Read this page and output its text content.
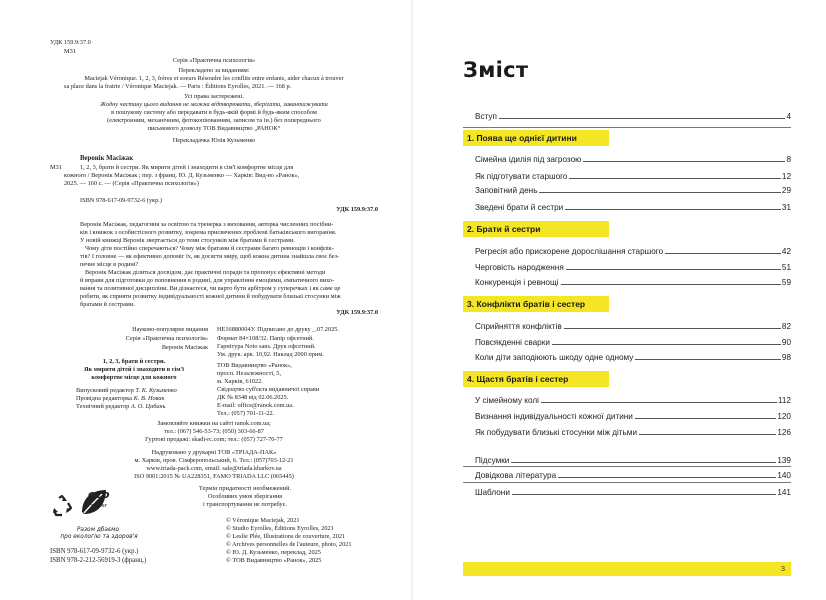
УДК 159.9:37.0
М31
Серія «Практична психологія»
Перекладено за виданням:
Maciejak Véronique. 1, 2, 3, frères et soeurs Résoudre les conflits entre enfants, aider chacun à trouver
sa place dans la fratrie / Véronique Maciejak. — Paris : Éditions Eyrolles, 2021. — 168 p.
Усі права застережені.
Жодну частину цього видання не можна відтворювати, зберігати, завантажувати
в пошукову систему або передавати в будь-якій формі й будь-яким способом
(електронним, механічним, фотокопіюванням, записом та ін.) без попереднього
письмового дозволу ТОВ Видавництво „РАНОК“
Перекладачка Юлія Кузьменко
Веронік Масіжак
М31	1, 2, 3, брати й сестри. Як мирити дітей і знаходити в сім'ї комфортне місце для
кожного / Веронік Масіжак ; пер. з франц. Ю. Д. Кузьменко — Харків: Вид-во «Ранок»,
2025. — 160 с. — (Серія «Практична психологія»)
ISBN 978-617-09-9732-6 (укр.)
УДК 159.9:37.0
Веронік Масіжак, педагогиня за освітою та тренерка з виховання, авторка численних посібни-
ків і книжок з особистісного розвитку, зокрема присвячених проблемі батьківського вигорання.
У новій книжці Веронік звертається до теми стосунків між братами й сестрами.
Чому діти постійно сперечаються? Чому між братами й сестрами багато ревнощів і конфлік-
тів? І головне — як ефективно допоміг їх, як досягти миру, щоб кожна дитина знайшла своє без-
печне місце в родині?
Веронік Масіжак ділиться досвідом, дає практичні поради та пропонує ефективні методи
й вправи для підготовки до поповнення в родині, для управління емоціями, емпатичного вихо-
вання та позитивної дисципліни. Ви дізнаєтеся, чи варто бути арбітром у суперечках і як саме це
робити, як сприяти розвитку індивідуальності кожної дитини й побудувати близькі стосунки між
братами й сестрами.
УДК 159.9:37.0
Науково-популярне видання
Серія «Практична психологія»
Веронік Масіжак
1, 2, 3, брати й сестри.
Як мирити дітей і знаходити в сім'ї
комфортне місце для кожного
Випусковий редактор Т. К. Кузьменко
Провідна редакторка К. В. Новак
Технічний редактор А. О. Цибань
НЕ16880004У. Підписано до друку _.07.2025.
Формат 84×108/32. Папір офсетний.
Гарнітура Noto sans. Друк офсетний.
Ум. друк. арк. 10,92. Наклад 2000 прим.
ТОВ Видавництво «Ранок»,
просп. Незалежності, 5,
м. Харків, 61022.
Свідоцтво суб'єкта видавничої справи
ДК № 8348 від 02.06.2025.
E-mail: office@ranok.com.ua.
Тел.: (057) 701-11-22.
Замовляйте книжки на сайті ranok.com.ua;
тел.: (067) 546-53-73; (050) 303-66-87
Гуртові продажі: skadi-rc.com; тел.: (057) 727-70-77
Надруковано у друкарні ТОВ «ТРІАДА-ПАК»
м. Харків, пров. Сімферопольський, 6. Тел.: (057)703-12-21
www.triada-pack.com, email: sale@triada.kharkov.ua
ISO 9001:2015 № UA228351, FAMO TRIADA LLC (065445)
Термін придатності необмежений.
Особливих умов зберігання
і транспортування не потребує.
eco
paper
Разом дбаємо
про екологію та здоров'я
ISBN 978-617-09-9732-6 (укр.)
ISBN 978-2-212-56919-3 (франц.)
© Véronique Maciejak, 2021
© Studio Eyrolles, Éditions Eyrolles, 2021
© Leslie Plée, Illustrations de couverture, 2021
© Archives personnelles de l'auteure, photo, 2021
© Ю. Д. Кузьменко, переклад, 2025
© ТОВ Видавництво «Ранок», 2025
Зміст
Вступ	4
1. Поява ще однієї дитини
Сімейна ідилія під загрозою	8
Як підготувати старшого	12
Заповітний день	29
Зведені брати й сестри	31
2. Брати й сестри
Регресія або прискорене дорослішання старшого	42
Черговість народження	51
Конкуренція і ревнощі	59
3. Конфлікти братів і сестер
Сприйняття конфліктів	82
Повсякденні сварки	90
Коли діти заподіюють шкоду одне одному	98
4. Щастя братів і сестер
У сімейному колі	112
Визнання індивідуальності кожної дитини	120
Як побудувати близькі стосунки між дітьми	126
Підсумки	139
Довідкова література	140
Шаблони	141
3
